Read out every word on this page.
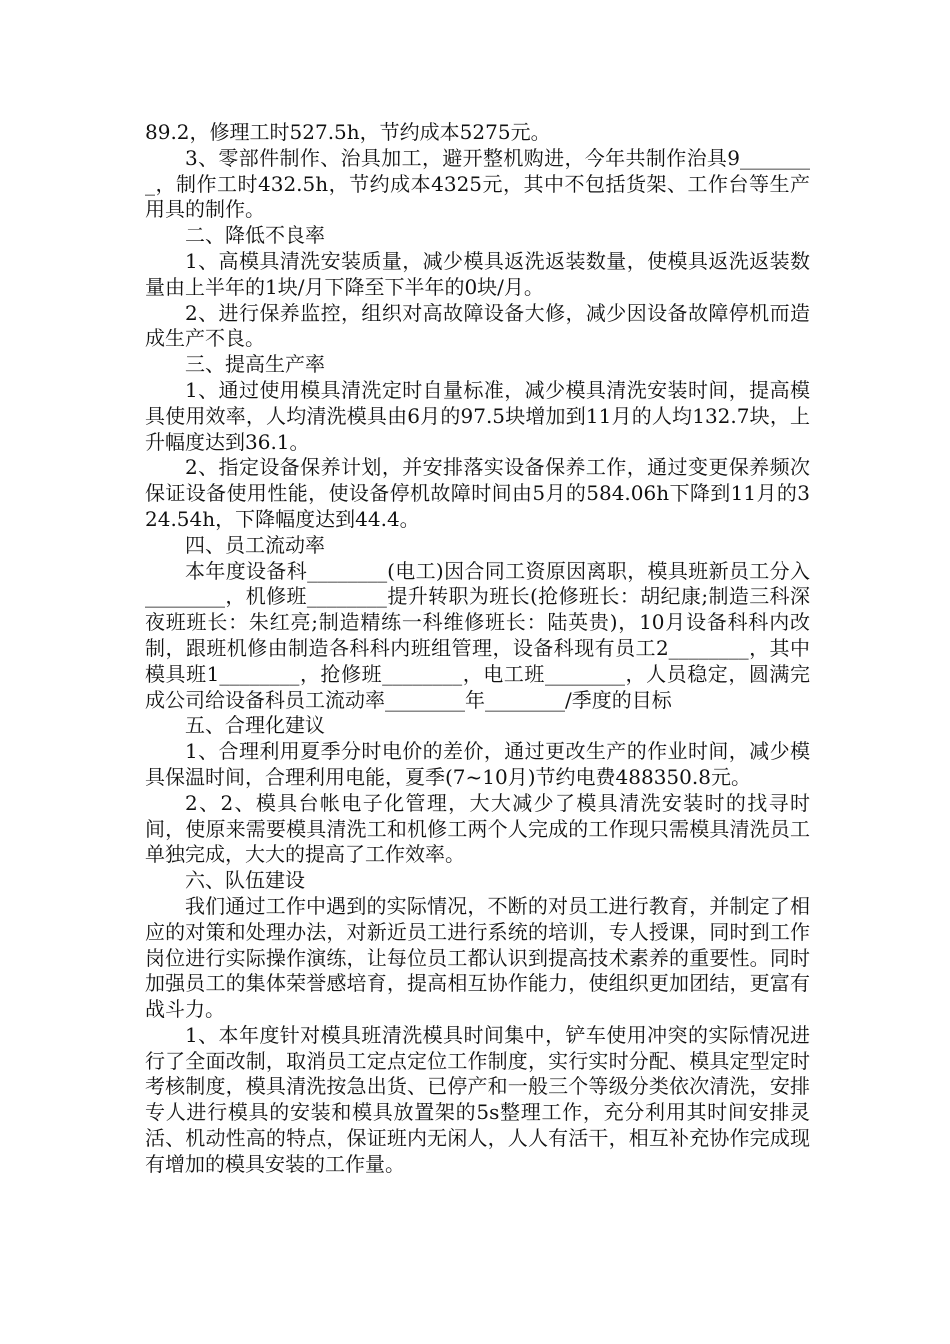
89.2，修理工时527.5h，节约成本5275元。

3、零部件制作、治具加工，避开整机购进，今年共制作治具9________，制作工时432.5h，节约成本4325元，其中不包括货架、工作台等生产用具的制作。

二、降低不良率

1、高模具清洗安装质量，减少模具返洗返装数量，使模具返洗返装数量由上半年的1块/月下降至下半年的0块/月。

2、进行保养监控，组织对高故障设备大修，减少因设备故障停机而造成生产不良。

三、提高生产率

1、通过使用模具清洗定时自量标准，减少模具清洗安装时间，提高模具使用效率，人均清洗模具由6月的97.5块增加到11月的人均132.7块，上升幅度达到36.1。

2、指定设备保养计划，并安排落实设备保养工作，通过变更保养频次保证设备使用性能，使设备停机故障时间由5月的584.06h下降到11月的324.54h，下降幅度达到44.4。

四、员工流动率

本年度设备科________(电工)因合同工资原因离职，模具班新员工分入________，机修班________提升转职为班长(抢修班长：胡纪康;制造三科深夜班班长：朱红亮;制造精练一科维修班长：陆英贵)，10月设备科科内改制，跟班机修由制造各科科内班组管理，设备科现有员工2________，其中模具班1________，抢修班________，电工班________，人员稳定，圆满完成公司给设备科员工流动率________年________/季度的目标

五、合理化建议

1、合理利用夏季分时电价的差价，通过更改生产的作业时间，减少模具保温时间，合理利用电能，夏季(7~10月)节约电费488350.8元。

2、2、模具台帐电子化管理，大大减少了模具清洗安装时的找寻时间，使原来需要模具清洗工和机修工两个人完成的工作现只需模具清洗员工单独完成，大大的提高了工作效率。

六、队伍建设

我们通过工作中遇到的实际情况，不断的对员工进行教育，并制定了相应的对策和处理办法，对新近员工进行系统的培训，专人授课，同时到工作岗位进行实际操作演练，让每位员工都认识到提高技术素养的重要性。同时加强员工的集体荣誉感培育，提高相互协作能力，使组织更加团结，更富有战斗力。

1、本年度针对模具班清洗模具时间集中，铲车使用冲突的实际情况进行了全面改制，取消员工定点定位工作制度，实行实时分配、模具定型定时考核制度，模具清洗按急出货、已停产和一般三个等级分类依次清洗，安排专人进行模具的安装和模具放置架的5s整理工作，充分利用其时间安排灵活、机动性高的特点，保证班内无闲人，人人有活干，相互补充协作完成现有增加的模具安装的工作量。
